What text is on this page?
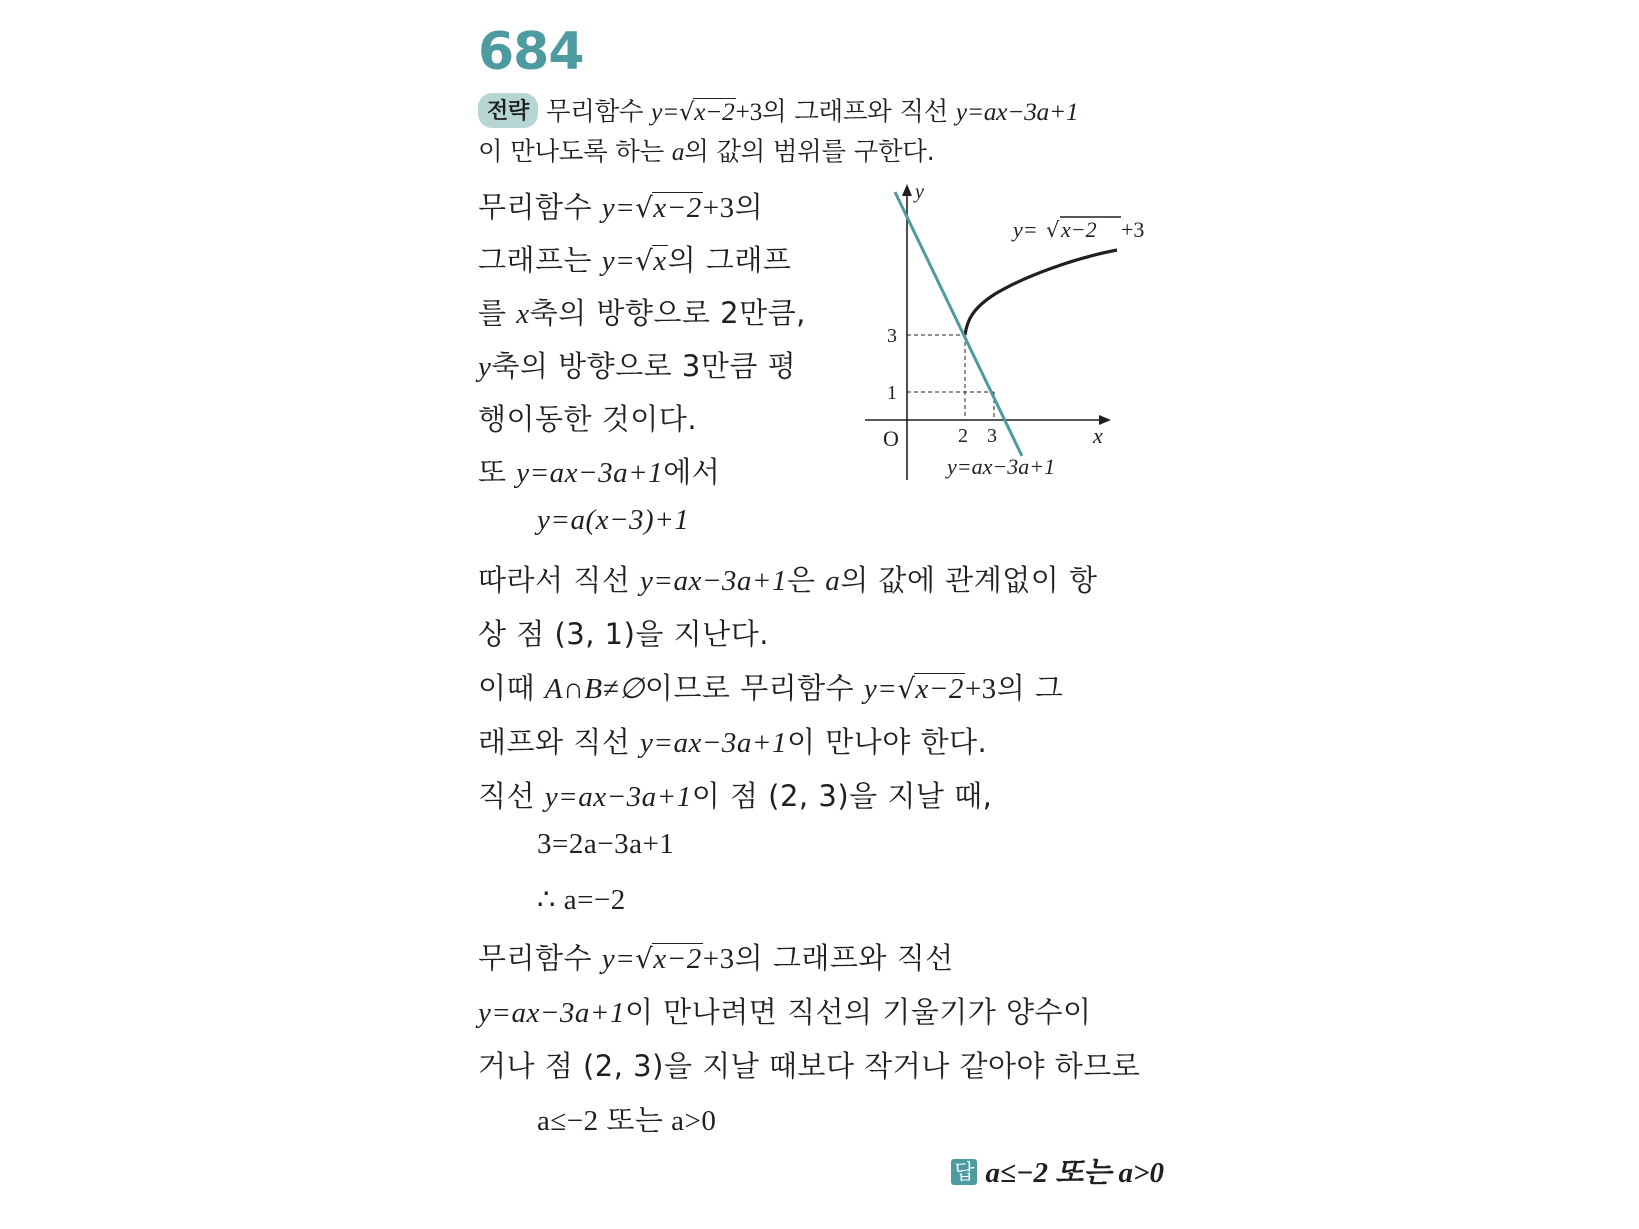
684
전략 무리함수 y=√x−2+3의 그래프와 직선 y=ax−3a+1
이 만나도록 하는 a의 값의 범위를 구한다.
무리함수 y=√x−2+3의
그래프는 y=√x의 그래프
를 x축의 방향으로 2만큼,
y축의 방향으로 3만큼 평
행이동한 것이다.
또 y=ax−3a+1에서
y=a(x−3)+1
따라서 직선 y=ax−3a+1은 a의 값에 관계없이 항
상 점 (3, 1)을 지난다.
이때 A∩B≠∅이므로 무리함수 y=√x−2+3의 그
래프와 직선 y=ax−3a+1이 만나야 한다.
직선 y=ax−3a+1이 점 (2, 3)을 지날 때,
3=2a−3a+1
∴ a=−2
무리함수 y=√x−2+3의 그래프와 직선
y=ax−3a+1이 만나려면 직선의 기울기가 양수이
거나 점 (2, 3)을 지날 때보다 작거나 같아야 하므로
a≤−2 또는 a>0
답 a≤−2 또는 a>0
y
x
O	2 3
3
1
y= √ x−2 +3
y=ax−3a+1
